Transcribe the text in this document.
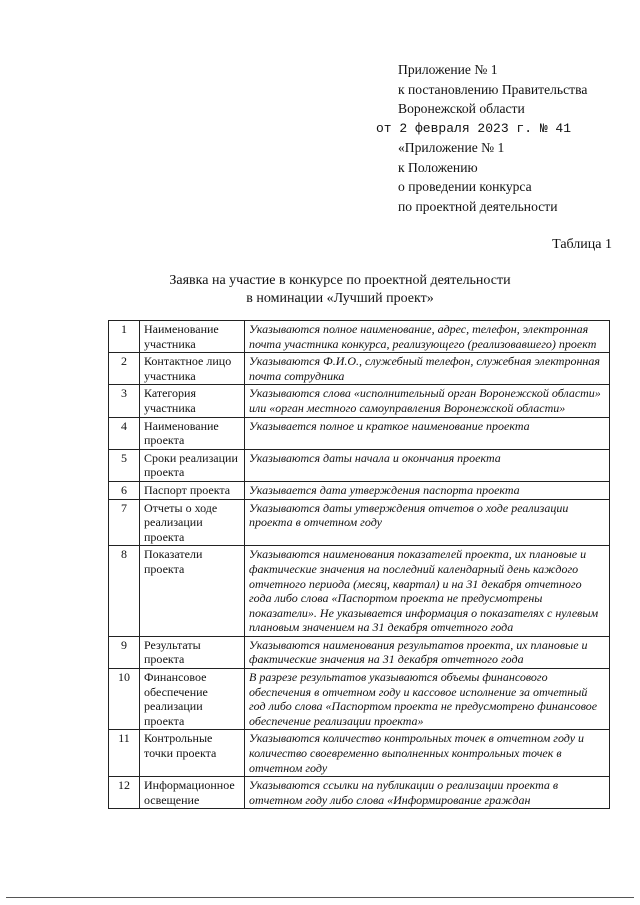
Приложение № 1
к постановлению Правительства
Воронежской области
от 2 февраля 2023 г. № 41
«Приложение № 1
к Положению
о проведении конкурса
по проектной деятельности
Таблица 1
Заявка на участие в конкурсе по проектной деятельности
в номинации «Лучший проект»
1	Наименование участника	Указываются полное наименование, адрес, телефон, электронная почта участника конкурса, реализующего (реализовавшего) проект
2	Контактное лицо участника	Указываются Ф.И.О., служебный телефон, служебная электронная почта сотрудника
3	Категория участника	Указываются слова «исполнительный орган Воронежской области» или «орган местного самоуправления Воронежской области»
4	Наименование проекта	Указывается полное и краткое наименование проекта
5	Сроки реализации проекта	Указываются даты начала и окончания проекта
6	Паспорт проекта	Указывается дата утверждения паспорта проекта
7	Отчеты о ходе реализации проекта	Указываются даты утверждения отчетов о ходе реализации проекта в отчетном году
8	Показатели проекта	Указываются наименования показателей проекта, их плановые и фактические значения на последний календарный день каждого отчетного периода (месяц, квартал) и на 31 декабря отчетного года либо слова «Паспортом проекта не предусмотрены показатели». Не указывается информация о показателях с нулевым плановым значением на 31 декабря отчетного года
9	Результаты проекта	Указываются наименования результатов проекта, их плановые и фактические значения на 31 декабря отчетного года
10	Финансовое обеспечение реализации проекта	В разрезе результатов указываются объемы финансового обеспечения в отчетном году и кассовое исполнение за отчетный год либо слова «Паспортом проекта не предусмотрено финансовое обеспечение реализации проекта»
11	Контрольные точки проекта	Указываются количество контрольных точек в отчетном году и количество своевременно выполненных контрольных точек в отчетном году
12	Информационное освещение	Указываются ссылки на публикации о реализации проекта в отчетном году либо слова «Информирование граждан
